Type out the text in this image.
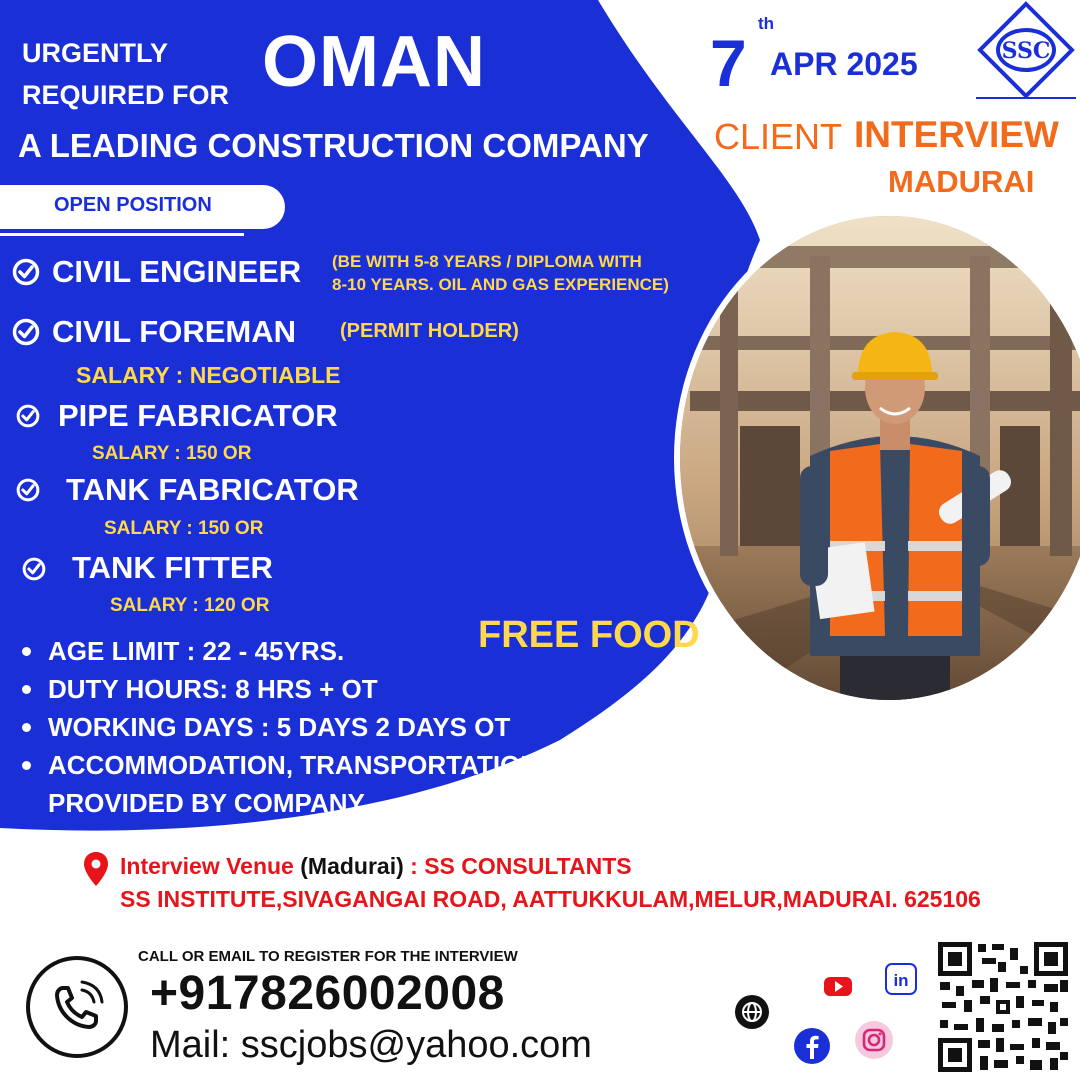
URGENTLY
REQUIRED FOR OMAN
A LEADING CONSTRUCTION COMPANY
OPEN POSITION
CIVIL ENGINEER (BE WITH 5-8 YEARS / DIPLOMA WITH
8-10 YEARS. OIL AND GAS EXPERIENCE)
CIVIL FOREMAN (PERMIT HOLDER)
SALARY : NEGOTIABLE
PIPE FABRICATOR
SALARY : 150 OR
TANK FABRICATOR
SALARY : 150 OR
TANK FITTER
SALARY : 120 OR
FREE FOOD
AGE LIMIT : 22 - 45YRS.
DUTY HOURS: 8 HRS + OT
WORKING DAYS : 5 DAYS 2 DAYS OT
ACCOMMODATION, TRANSPORTATION AND MEDICAL INSURANCE ARE
PROVIDED BY COMPANY.
7
th
APR 2025
CLIENT INTERVIEW
MADURAI
SSC
Interview Venue (Madurai) : SS CONSULTANTS
SS INSTITUTE,SIVAGANGAI ROAD, AATTUKKULAM,MELUR,MADURAI. 625106
CALL OR EMAIL TO REGISTER FOR THE INTERVIEW
+917826002008
Mail: sscjobs@yahoo.com
in
